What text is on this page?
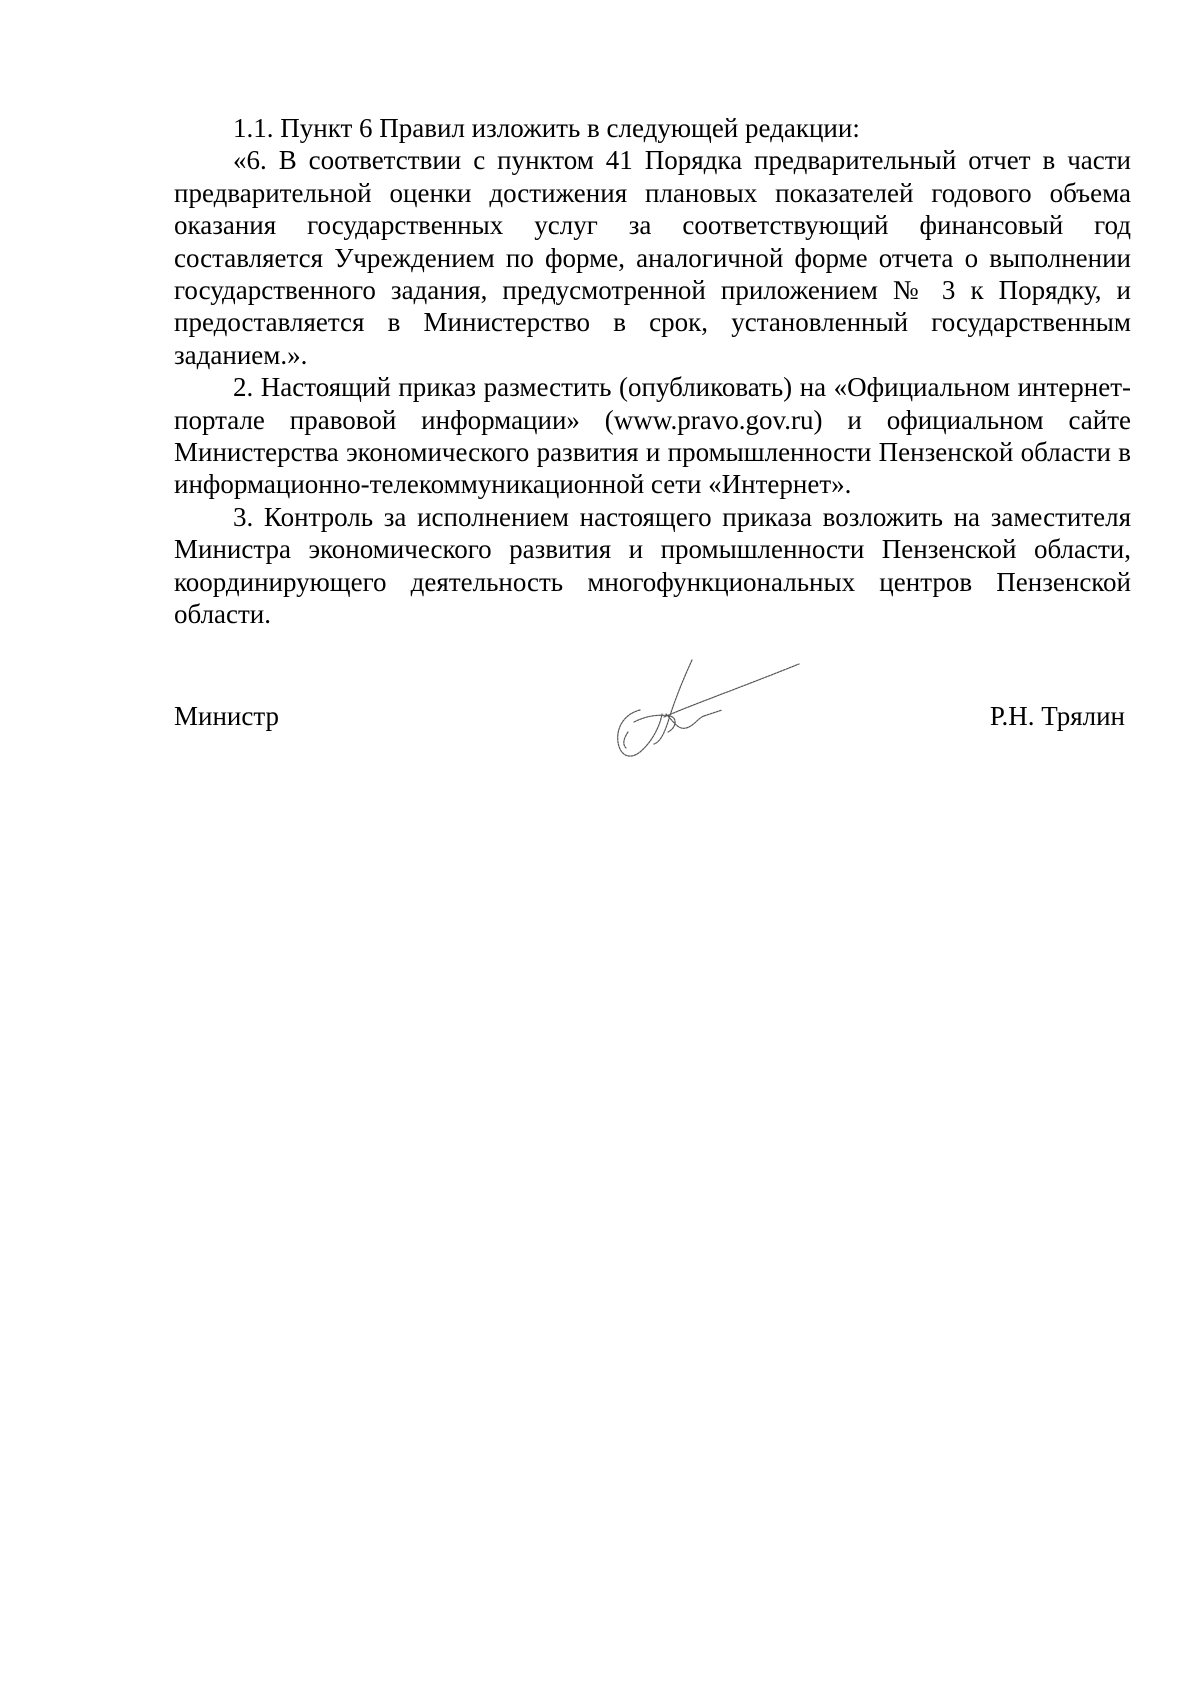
1.1. Пункт 6 Правил изложить в следующей редакции:

«6. В соответствии с пунктом 41 Порядка предварительный отчет в части предварительной оценки достижения плановых показателей годового объема оказания государственных услуг за соответствующий финансовый год составляется Учреждением по форме, аналогичной форме отчета о выполнении государственного задания, предусмотренной приложением № 3 к Порядку, и предоставляется в Министерство в срок, установленный государственным заданием.».

2. Настоящий приказ разместить (опубликовать) на «Официальном интернет-портале правовой информации» (www.pravo.gov.ru) и официальном сайте Министерства экономического развития и промышленности Пензенской области в информационно-телекоммуникационной сети «Интернет».

3. Контроль за исполнением настоящего приказа возложить на заместителя Министра экономического развития и промышленности Пензенской области, координирующего деятельность многофункциональных центров Пензенской области.

Министр	Р.Н. Трялин
